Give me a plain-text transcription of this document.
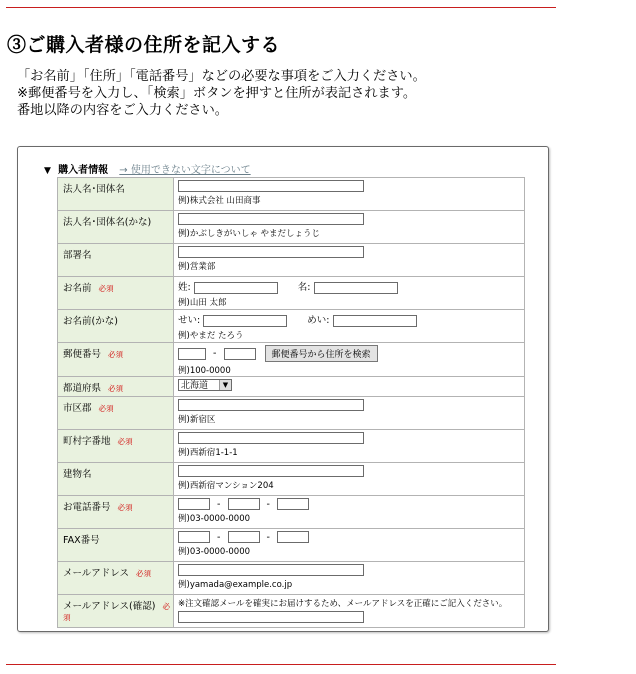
③ご購入者様の住所を記入する
「お名前」「住所」「電話番号」などの必要な事項をご入力ください。
※郵便番号を入力し、「検索」ボタンを押すと住所が表記されます。
番地以降の内容をご入力ください。
▼ 購入者情報 → 使用できない文字について
法人名･団体名	例)株式会社 山田商事

法人名･団体名(かな)	例)かぶしきがいしゃ やまだしょうじ

部署名	例)営業部

お名前 必須	姓: 名:
例)山田 太郎

お名前(かな)	せい: めい:
例)やまだ たろう

郵便番号 必須	- 郵便番号から住所を検索
例)100-0000

都道府県 必須	北海道 ▼

市区郡 必須	例)新宿区

町村字番地 必須	例)西新宿1-1-1

建物名	例)西新宿マンション204

お電話番号 必須	- -
例)03-0000-0000

FAX番号	- -
例)03-0000-0000

メールアドレス 必須	例)yamada@example.co.jp

メールアドレス(確認) 必須	※注文確認メールを確実にお届けするため、メールアドレスを正確にご記入ください。
